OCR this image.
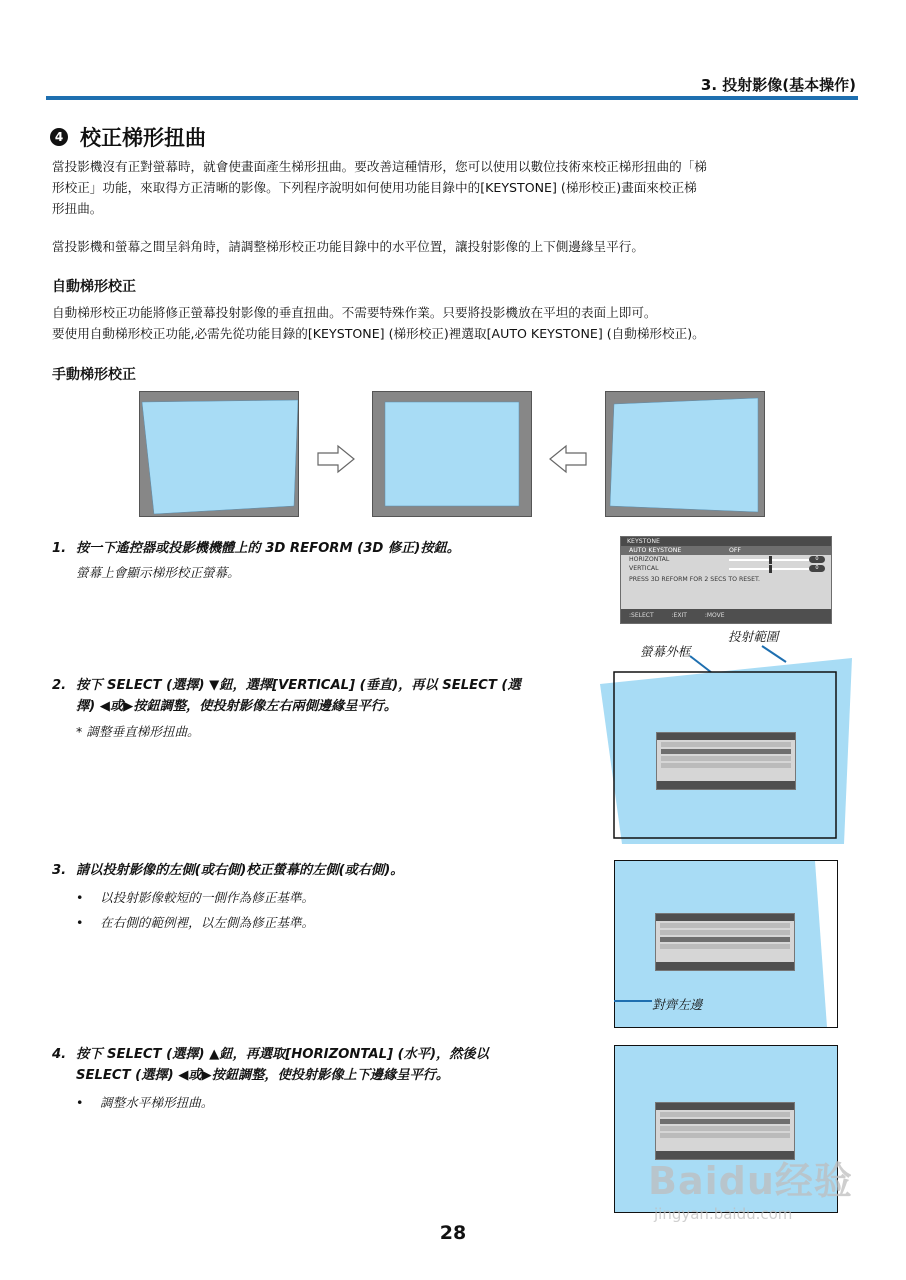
3. 投射影像(基本操作)
4 校正梯形扭曲
當投影機沒有正對螢幕時，就會使畫面產生梯形扭曲。要改善這種情形，您可以使用以數位技術來校正梯形扭曲的「梯
形校正」功能，來取得方正清晰的影像。下列程序說明如何使用功能目錄中的[KEYSTONE] (梯形校正)畫面來校正梯
形扭曲。
當投影機和螢幕之間呈斜角時，請調整梯形校正功能目錄中的水平位置，讓投射影像的上下側邊緣呈平行。
自動梯形校正
自動梯形校正功能將修正螢幕投射影像的垂直扭曲。不需要特殊作業。只要將投影機放在平坦的表面上即可。
要使用自動梯形校正功能,必需先從功能目錄的[KEYSTONE] (梯形校正)裡選取[AUTO KEYSTONE] (自動梯形校正)。
手動梯形校正
1. 按一下遙控器或投影機機體上的 3D REFORM (3D 修正)按鈕。
螢幕上會顯示梯形校正螢幕。
KEYSTONE
AUTO KEYSTONE	OFF
HORIZONTAL	0
VERTICAL	0
PRESS 3D REFORM FOR 2 SECS TO RESET.
:SELECT	:EXIT	:MOVE
投射範圍
螢幕外框
2. 按下 SELECT (選擇) ▼鈕，選擇[VERTICAL] (垂直)，再以 SELECT (選
擇) ◀或▶按鈕調整，使投射影像左右兩側邊緣呈平行。
* 調整垂直梯形扭曲。
3. 請以投射影像的左側(或右側)校正螢幕的左側(或右側)。
• 以投射影像較短的一側作為修正基準。
• 在右側的範例裡，以左側為修正基準。
對齊左邊
4. 按下 SELECT (選擇) ▲鈕，再選取[HORIZONTAL] (水平)，然後以
SELECT (選擇) ◀或▶按鈕調整，使投射影像上下邊緣呈平行。
• 調整水平梯形扭曲。
28
Baidu经验
jingyan.baidu.com
